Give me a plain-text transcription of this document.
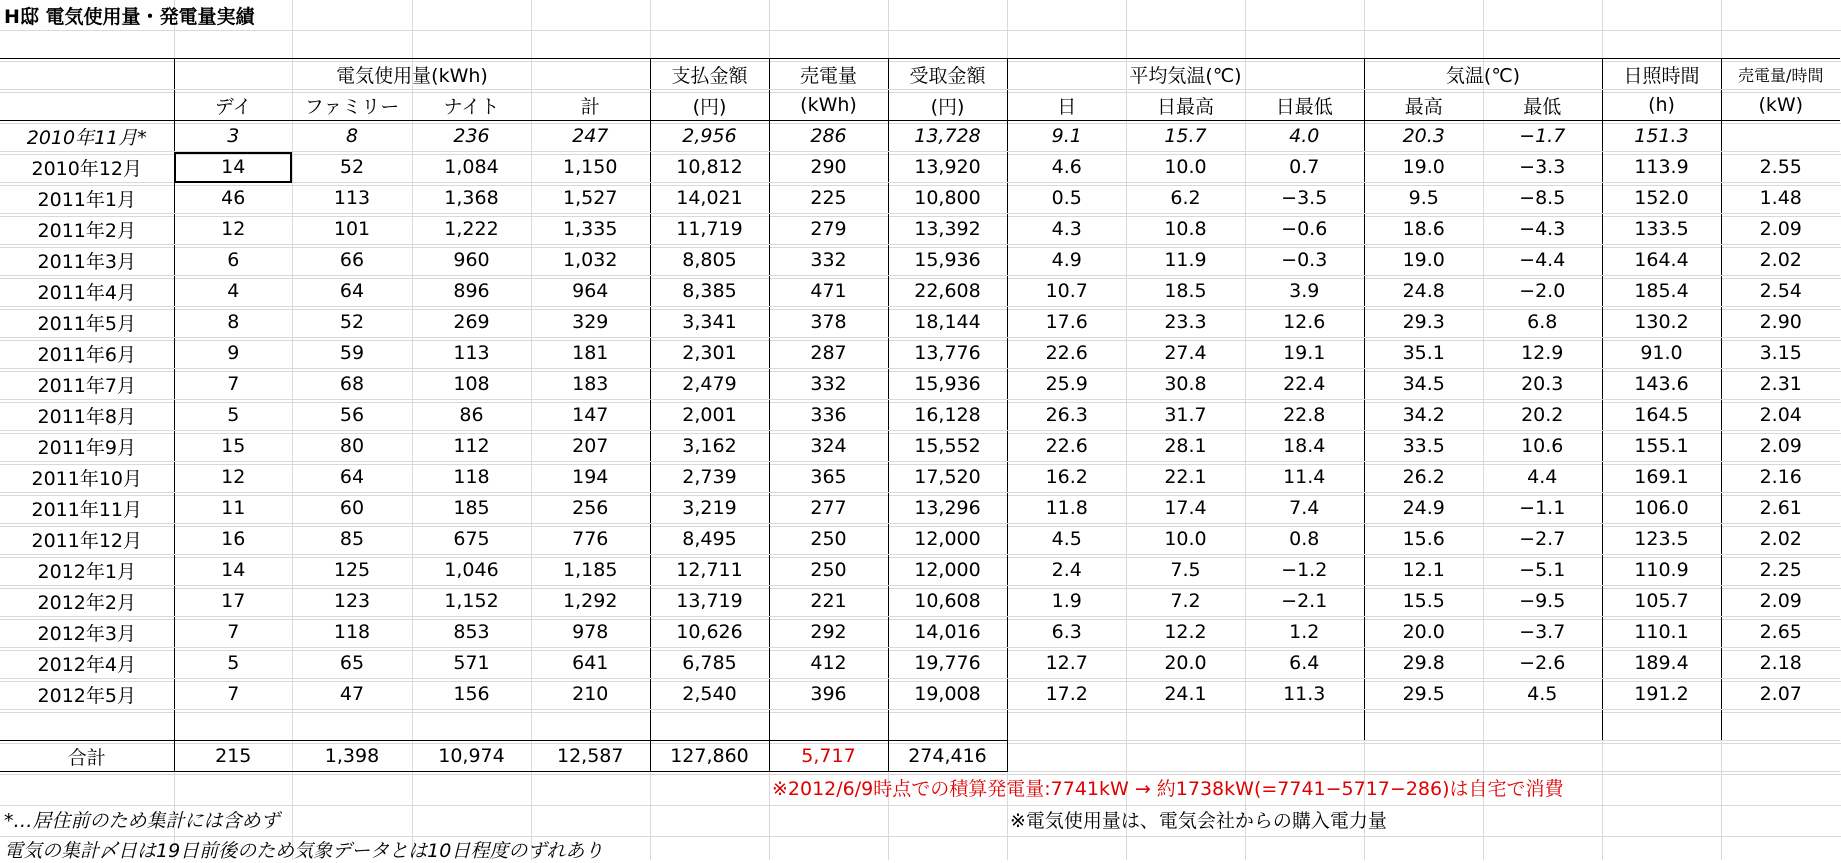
H邸 電気使用量・発電量実績
	電気使用量(kWh)				支払金額	売電量	受取金額	平均気温(℃)			気温(℃)		日照時間	売電量/時間
	デイ	ファミリー	ナイト	計	(円)	(kWh)	(円)	日	日最高	日最低	最高	最低	(h)	(kW)
2010年11月*	3	8	236	247	2,956	286	13,728	9.1	15.7	4.0	20.3	−1.7	151.3	
2010年12月	14	52	1,084	1,150	10,812	290	13,920	4.6	10.0	0.7	19.0	−3.3	113.9	2.55
2011年1月	46	113	1,368	1,527	14,021	225	10,800	0.5	6.2	−3.5	9.5	−8.5	152.0	1.48
2011年2月	12	101	1,222	1,335	11,719	279	13,392	4.3	10.8	−0.6	18.6	−4.3	133.5	2.09
2011年3月	6	66	960	1,032	8,805	332	15,936	4.9	11.9	−0.3	19.0	−4.4	164.4	2.02
2011年4月	4	64	896	964	8,385	471	22,608	10.7	18.5	3.9	24.8	−2.0	185.4	2.54
2011年5月	8	52	269	329	3,341	378	18,144	17.6	23.3	12.6	29.3	6.8	130.2	2.90
2011年6月	9	59	113	181	2,301	287	13,776	22.6	27.4	19.1	35.1	12.9	91.0	3.15
2011年7月	7	68	108	183	2,479	332	15,936	25.9	30.8	22.4	34.5	20.3	143.6	2.31
2011年8月	5	56	86	147	2,001	336	16,128	26.3	31.7	22.8	34.2	20.2	164.5	2.04
2011年9月	15	80	112	207	3,162	324	15,552	22.6	28.1	18.4	33.5	10.6	155.1	2.09
2011年10月	12	64	118	194	2,739	365	17,520	16.2	22.1	11.4	26.2	4.4	169.1	2.16
2011年11月	11	60	185	256	3,219	277	13,296	11.8	17.4	7.4	24.9	−1.1	106.0	2.61
2011年12月	16	85	675	776	8,495	250	12,000	4.5	10.0	0.8	15.6	−2.7	123.5	2.02
2012年1月	14	125	1,046	1,185	12,711	250	12,000	2.4	7.5	−1.2	12.1	−5.1	110.9	2.25
2012年2月	17	123	1,152	1,292	13,719	221	10,608	1.9	7.2	−2.1	15.5	−9.5	105.7	2.09
2012年3月	7	118	853	978	10,626	292	14,016	6.3	12.2	1.2	20.0	−3.7	110.1	2.65
2012年4月	5	65	571	641	6,785	412	19,776	12.7	20.0	6.4	29.8	−2.6	189.4	2.18
2012年5月	7	47	156	210	2,540	396	19,008	17.2	24.1	11.3	29.5	4.5	191.2	2.07

合計	215	1,398	10,974	12,587	127,860	5,717	274,416							
※2012/6/9時点での積算発電量:7741kW → 約1738kW(=7741−5717−286)は自宅で消費
※電気使用量は、電気会社からの購入電力量
*…居住前のため集計には含めず
電気の集計〆日は19日前後のため気象データとは10日程度のずれあり
